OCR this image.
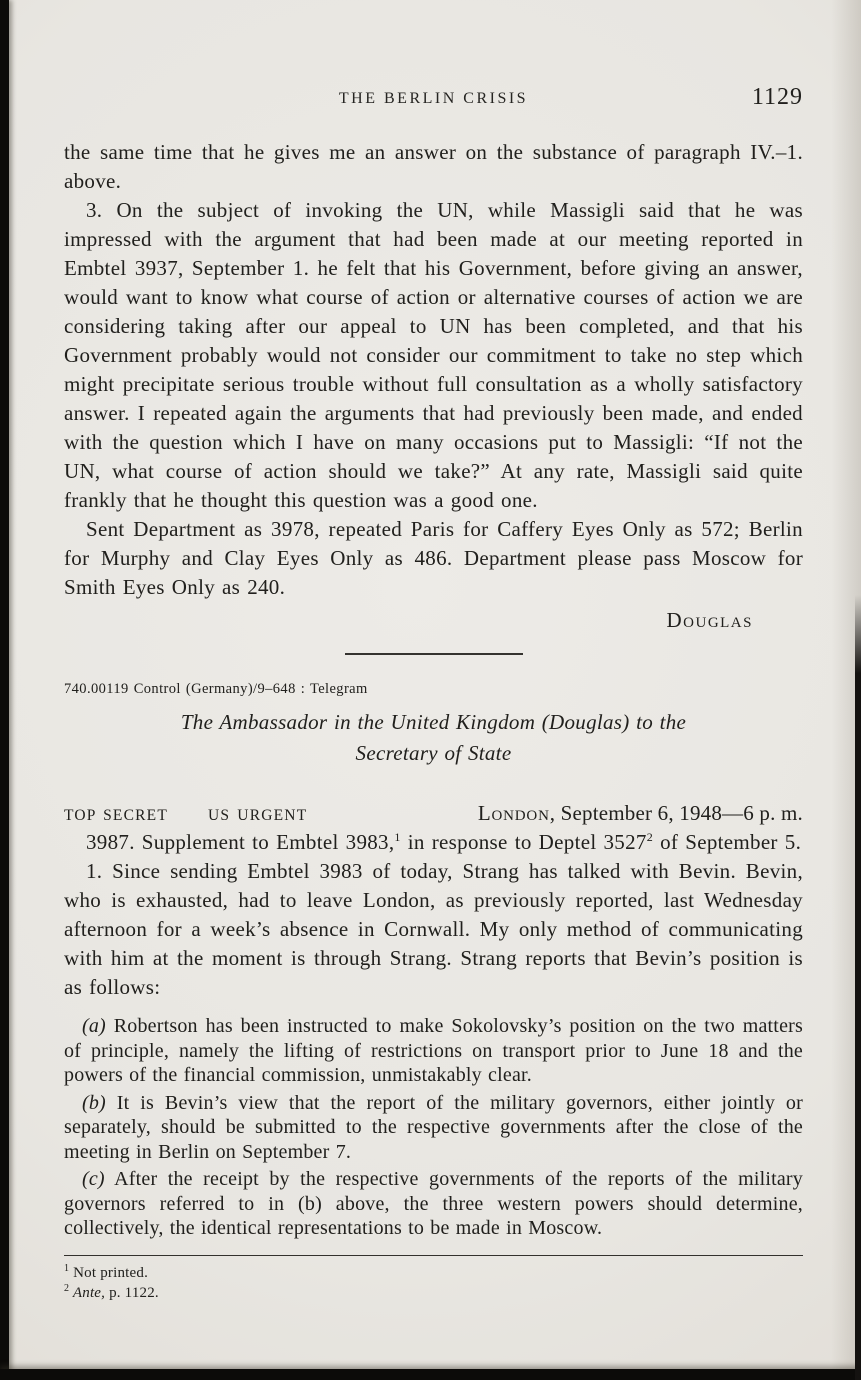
THE BERLIN CRISIS	1129

the same time that he gives me an answer on the substance of paragraph IV.–1. above.

3. On the subject of invoking the UN, while Massigli said that he was impressed with the argument that had been made at our meeting reported in Embtel 3937, September 1. he felt that his Government, before giving an answer, would want to know what course of action or alternative courses of action we are considering taking after our appeal to UN has been completed, and that his Government probably would not consider our commitment to take no step which might precipitate serious trouble without full consultation as a wholly satisfactory answer. I repeated again the arguments that had previously been made, and ended with the question which I have on many occasions put to Massigli: “If not the UN, what course of action should we take?” At any rate, Massigli said quite frankly that he thought this question was a good one.

Sent Department as 3978, repeated Paris for Caffery Eyes Only as 572; Berlin for Murphy and Clay Eyes Only as 486. Department please pass Moscow for Smith Eyes Only as 240.

Douglas

740.00119 Control (Germany)/9–648 : Telegram

The Ambassador in the United Kingdom (Douglas) to the
Secretary of State
TOP SECRET	US URGENT	London, September 6, 1948—6 p. m.

3987. Supplement to Embtel 3983,$^1$ in response to Deptel 3527$^2$ of September 5.

1. Since sending Embtel 3983 of today, Strang has talked with Bevin. Bevin, who is exhausted, had to leave London, as previously reported, last Wednesday afternoon for a week’s absence in Cornwall. My only method of communicating with him at the moment is through Strang. Strang reports that Bevin’s position is as follows:

(a) Robertson has been instructed to make Sokolovsky’s position on the two matters of principle, namely the lifting of restrictions on transport prior to June 18 and the powers of the financial commission, unmistakably clear.

(b) It is Bevin’s view that the report of the military governors, either jointly or separately, should be submitted to the respective governments after the close of the meeting in Berlin on September 7.

(c) After the receipt by the respective governments of the reports of the military governors referred to in (b) above, the three western powers should determine, collectively, the identical representations to be made in Moscow.

$^1$ Not printed.

$^2$ Ante, p. 1122.
